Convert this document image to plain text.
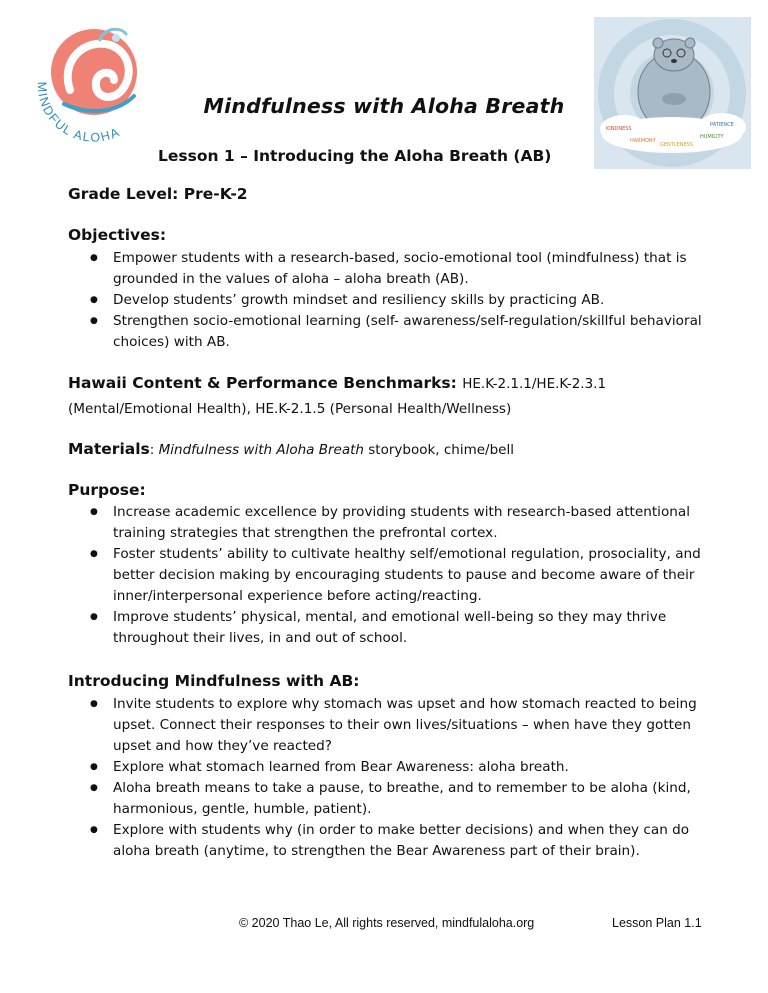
MINDFUL ALOHA	KINDNESS
PATIENCE
HARMONY
HUMILITY
GENTLENESS
Mindfulness with Aloha Breath
Lesson 1 – Introducing the Aloha Breath (AB)
Grade Level: Pre-K-2
Objectives:
● Empower students with a research-based, socio-emotional tool (mindfulness) that is grounded in the values of aloha – aloha breath (AB).
● Develop students’ growth mindset and resiliency skills by practicing AB.
● Strengthen socio-emotional learning (self- awareness/self-regulation/skillful behavioral choices) with AB.
Hawaii Content & Performance Benchmarks: HE.K-2.1.1/HE.K-2.3.1
(Mental/Emotional Health), HE.K-2.1.5 (Personal Health/Wellness)
Materials: Mindfulness with Aloha Breath storybook, chime/bell
Purpose:
● Increase academic excellence by providing students with research-based attentional training strategies that strengthen the prefrontal cortex.
● Foster students’ ability to cultivate healthy self/emotional regulation, prosociality, and better decision making by encouraging students to pause and become aware of their inner/interpersonal experience before acting/reacting.
● Improve students’ physical, mental, and emotional well-being so they may thrive throughout their lives, in and out of school.
Introducing Mindfulness with AB:
● Invite students to explore why stomach was upset and how stomach reacted to being upset. Connect their responses to their own lives/situations – when have they gotten upset and how they’ve reacted?
● Explore what stomach learned from Bear Awareness: aloha breath.
● Aloha breath means to take a pause, to breathe, and to remember to be aloha (kind, harmonious, gentle, humble, patient).
● Explore with students why (in order to make better decisions) and when they can do aloha breath (anytime, to strengthen the Bear Awareness part of their brain).
© 2020 Thao Le, All rights reserved, mindfulaloha.org	Lesson Plan 1.1
